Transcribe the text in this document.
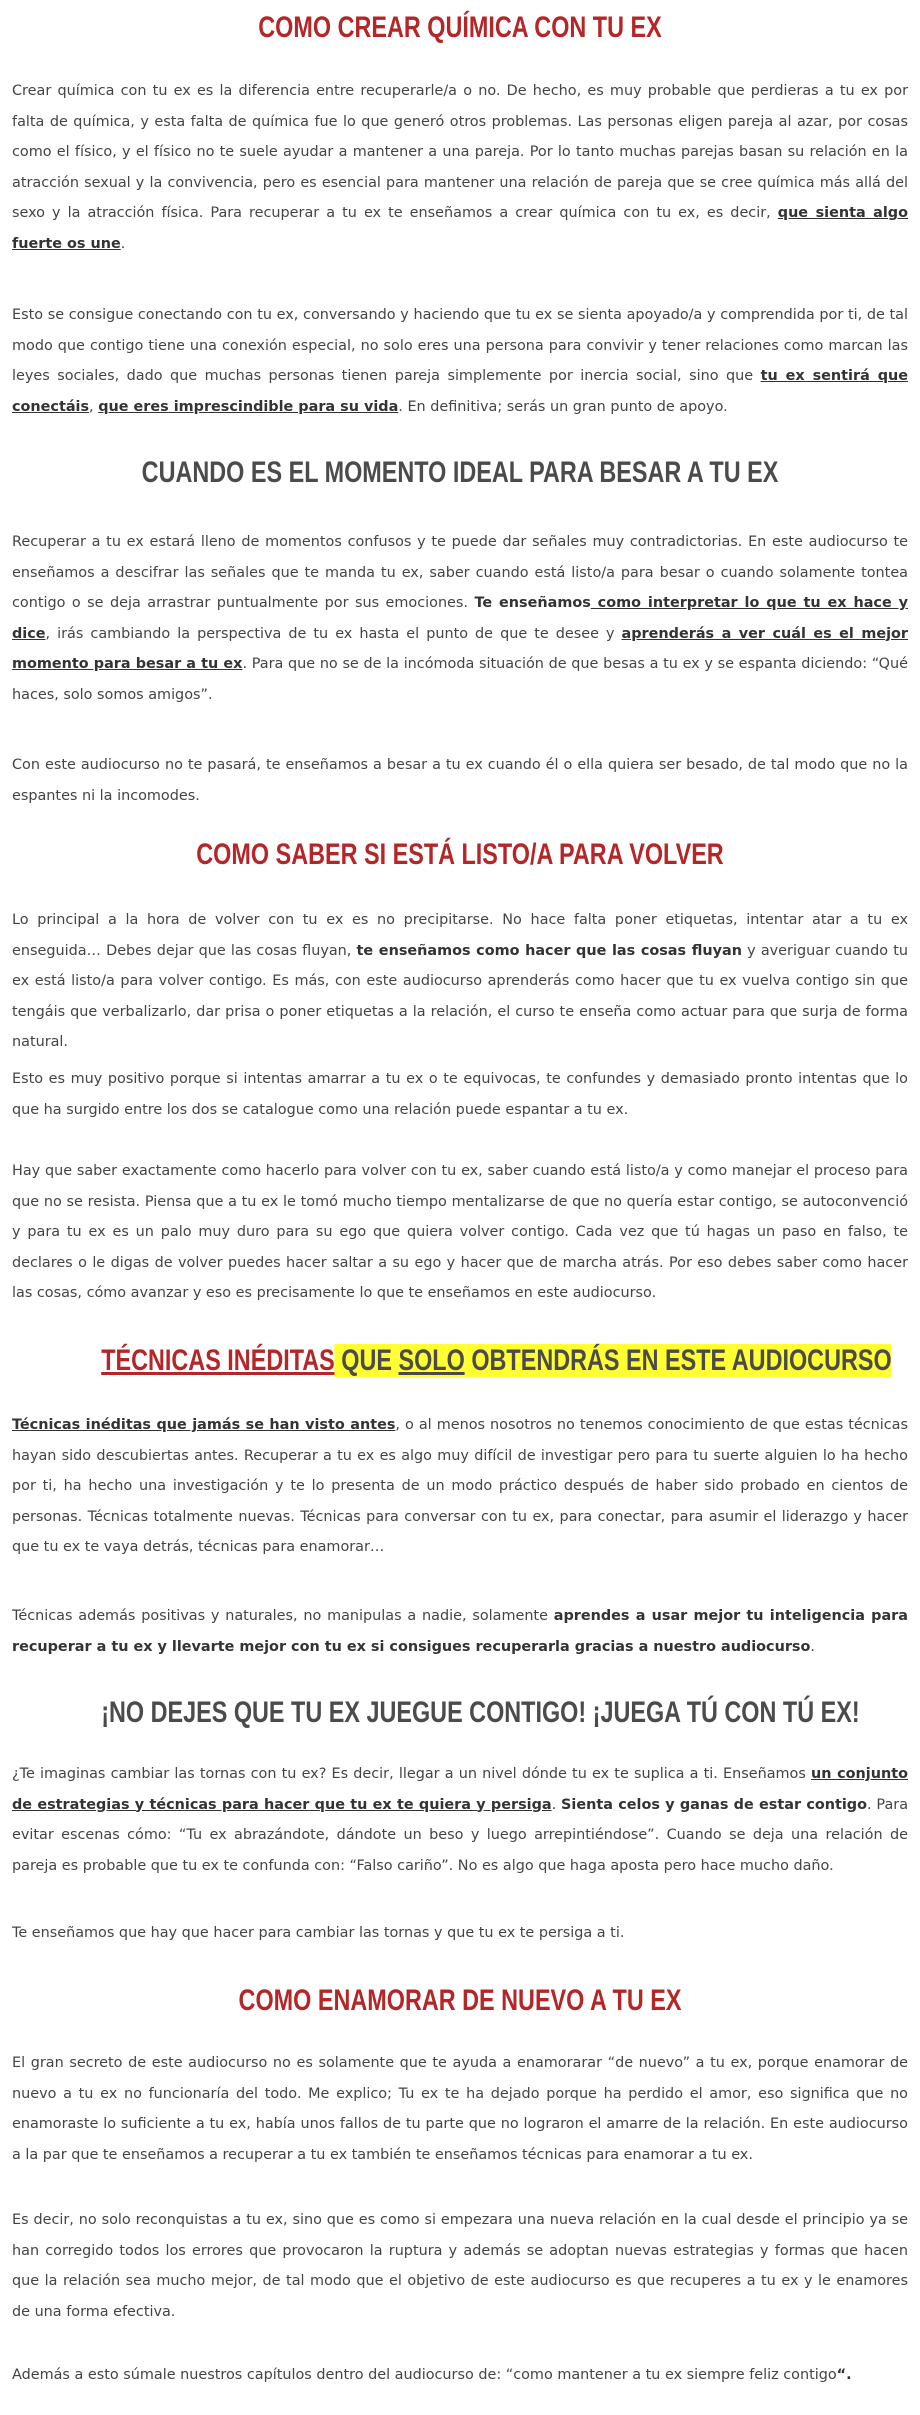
COMO CREAR QUÍMICA CON TU EX

Crear química con tu ex es la diferencia entre recuperarle/a o no. De hecho, es muy probable que perdieras a tu ex por falta de química, y esta falta de química fue lo que generó otros problemas. Las personas eligen pareja al azar, por cosas como el físico, y el físico no te suele ayudar a mantener a una pareja. Por lo tanto muchas parejas basan su relación en la atracción sexual y la convivencia, pero es esencial para mantener una relación de pareja que se cree química más allá del sexo y la atracción física. Para recuperar a tu ex te enseñamos a crear química con tu ex, es decir, que sienta algo fuerte os une.

Esto se consigue conectando con tu ex, conversando y haciendo que tu ex se sienta apoyado/a y comprendida por ti, de tal modo que contigo tiene una conexión especial, no solo eres una persona para convivir y tener relaciones como marcan las leyes sociales, dado que muchas personas tienen pareja simplemente por inercia social, sino que tu ex sentirá que conectáis, que eres imprescindible para su vida. En definitiva; serás un gran punto de apoyo.

CUANDO ES EL MOMENTO IDEAL PARA BESAR A TU EX

Recuperar a tu ex estará lleno de momentos confusos y te puede dar señales muy contradictorias. En este audiocurso te enseñamos a descifrar las señales que te manda tu ex, saber cuando está listo/a para besar o cuando solamente tontea contigo o se deja arrastrar puntualmente por sus emociones. Te enseñamos como interpretar lo que tu ex hace y dice, irás cambiando la perspectiva de tu ex hasta el punto de que te desee y aprenderás a ver cuál es el mejor momento para besar a tu ex. Para que no se de la incómoda situación de que besas a tu ex y se espanta diciendo: “Qué haces, solo somos amigos”.

Con este audiocurso no te pasará, te enseñamos a besar a tu ex cuando él o ella quiera ser besado, de tal modo que no la espantes ni la incomodes.

COMO SABER SI ESTÁ LISTO/A PARA VOLVER

Lo principal a la hora de volver con tu ex es no precipitarse. No hace falta poner etiquetas, intentar atar a tu ex enseguida… Debes dejar que las cosas fluyan, te enseñamos como hacer que las cosas fluyan y averiguar cuando tu ex está listo/a para volver contigo. Es más, con este audiocurso aprenderás como hacer que tu ex vuelva contigo sin que tengáis que verbalizarlo, dar prisa o poner etiquetas a la relación, el curso te enseña como actuar para que surja de forma natural.

Esto es muy positivo porque si intentas amarrar a tu ex o te equivocas, te confundes y demasiado pronto intentas que lo que ha surgido entre los dos se catalogue como una relación puede espantar a tu ex.

Hay que saber exactamente como hacerlo para volver con tu ex, saber cuando está listo/a y como manejar el proceso para que no se resista. Piensa que a tu ex le tomó mucho tiempo mentalizarse de que no quería estar contigo, se autoconvenció y para tu ex es un palo muy duro para su ego que quiera volver contigo. Cada vez que tú hagas un paso en falso, te declares o le digas de volver puedes hacer saltar a su ego y hacer que de marcha atrás. Por eso debes saber como hacer las cosas, cómo avanzar y eso es precisamente lo que te enseñamos en este audiocurso.

TÉCNICAS INÉDITAS QUE SOLO OBTENDRÁS EN ESTE AUDIOCURSO

Técnicas inéditas que jamás se han visto antes, o al menos nosotros no tenemos conocimiento de que estas técnicas hayan sido descubiertas antes. Recuperar a tu ex es algo muy difícil de investigar pero para tu suerte alguien lo ha hecho por ti, ha hecho una investigación y te lo presenta de un modo práctico después de haber sido probado en cientos de personas. Técnicas totalmente nuevas. Técnicas para conversar con tu ex, para conectar, para asumir el liderazgo y hacer que tu ex te vaya detrás, técnicas para enamorar…

Técnicas además positivas y naturales, no manipulas a nadie, solamente aprendes a usar mejor tu inteligencia para recuperar a tu ex y llevarte mejor con tu ex si consigues recuperarla gracias a nuestro audiocurso.

¡NO DEJES QUE TU EX JUEGUE CONTIGO! ¡JUEGA TÚ CON TÚ EX!

¿Te imaginas cambiar las tornas con tu ex? Es decir, llegar a un nivel dónde tu ex te suplica a ti. Enseñamos un conjunto de estrategias y técnicas para hacer que tu ex te quiera y persiga. Sienta celos y ganas de estar contigo. Para evitar escenas cómo: “Tu ex abrazándote, dándote un beso y luego arrepintiéndose”. Cuando se deja una relación de pareja es probable que tu ex te confunda con: “Falso cariño”. No es algo que haga aposta pero hace mucho daño.

Te enseñamos que hay que hacer para cambiar las tornas y que tu ex te persiga a ti.

COMO ENAMORAR DE NUEVO A TU EX

El gran secreto de este audiocurso no es solamente que te ayuda a enamorarar “de nuevo” a tu ex, porque enamorar de nuevo a tu ex no funcionaría del todo. Me explico; Tu ex te ha dejado porque ha perdido el amor, eso significa que no enamoraste lo suficiente a tu ex, había unos fallos de tu parte que no lograron el amarre de la relación. En este audiocurso a la par que te enseñamos a recuperar a tu ex también te enseñamos técnicas para enamorar a tu ex.

Es decir, no solo reconquistas a tu ex, sino que es como si empezara una nueva relación en la cual desde el principio ya se han corregido todos los errores que provocaron la ruptura y además se adoptan nuevas estrategias y formas que hacen que la relación sea mucho mejor, de tal modo que el objetivo de este audiocurso es que recuperes a tu ex y le enamores de una forma efectiva.

Además a esto súmale nuestros capítulos dentro del audiocurso de: “como mantener a tu ex siempre feliz contigo“.
